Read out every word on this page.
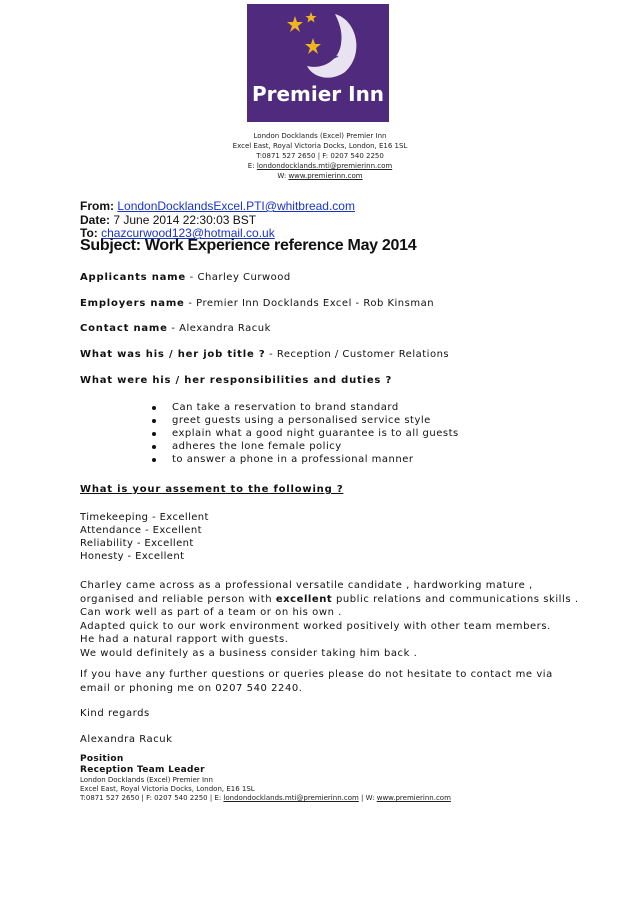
Premier Inn
London Docklands (Excel) Premier Inn
Excel East, Royal Victoria Docks, London, E16 1SL
T:0871 527 2650 | F: 0207 540 2250
E: londondocklands.mti@premierinn.com
W: www.premierinn.com
From: LondonDocklandsExcel.PTI@whitbread.com
Date: 7 June 2014 22:30:03 BST
To: chazcurwood123@hotmail.co.uk
Subject: Work Experience reference May 2014
Applicants name - Charley Curwood
Employers name - Premier Inn Docklands Excel - Rob Kinsman
Contact name - Alexandra Racuk
What was his / her job title ? - Reception / Customer Relations
What were his / her responsibilities and duties ?
Can take a reservation to brand standard
greet guests using a personalised service style
explain what a good night guarantee is to all guests
adheres the lone female policy
to answer a phone in a professional manner
What is your assement to the following ?
Timekeeping - Excellent
Attendance - Excellent
Reliability - Excellent
Honesty - Excellent
Charley came across as a professional versatile candidate , hardworking mature ,
organised and reliable person with excellent public relations and communications skills .
Can work well as part of a team or on his own .
Adapted quick to our work environment worked positively with other team members.
He had a natural rapport with guests.
We would definitely as a business consider taking him back .
If you have any further questions or queries please do not hesitate to contact me via
email or phoning me on 0207 540 2240.
Kind regards
Alexandra Racuk
Position
Reception Team Leader
London Docklands (Excel) Premier Inn
Excel East, Royal Victoria Docks, London, E16 1SL
T:0871 527 2650 | F: 0207 540 2250 | E: londondocklands.mti@premierinn.com | W: www.premierinn.com
